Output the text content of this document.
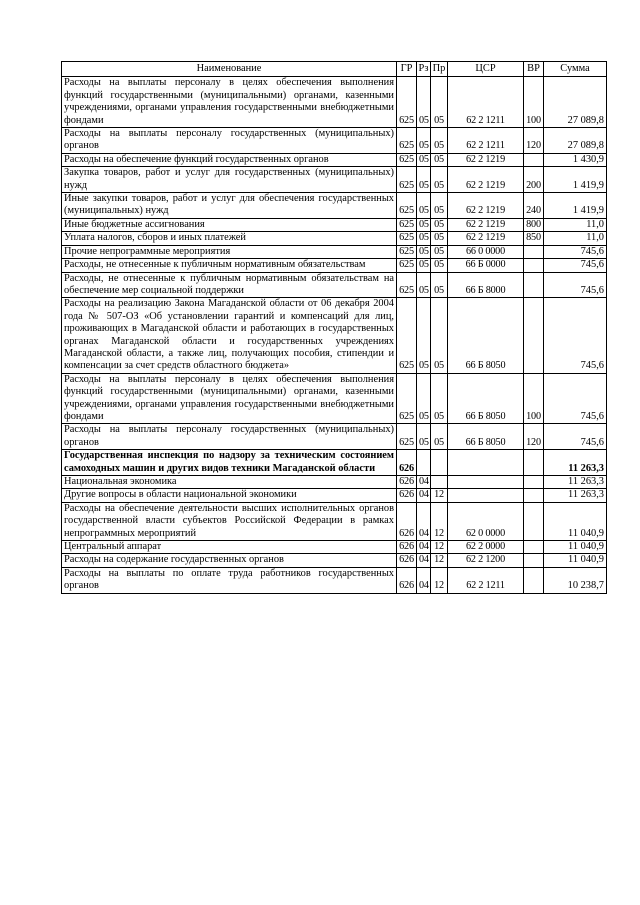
Наименование	ГР	Рз	Пр	ЦСР	ВР	Сумма
Расходы на выплаты персоналу в целях обеспечения выполнения функций государственными (муниципальными) органами, казенными учреждениями, органами управления государственными внебюджетными фондами	625	05	05	62 2 1211	100	27 089,8
Расходы на выплаты персоналу государственных (муниципальных) органов	625	05	05	62 2 1211	120	27 089,8
Расходы на обеспечение функций государственных органов	625	05	05	62 2 1219		1 430,9
Закупка товаров, работ и услуг для государственных (муниципальных) нужд	625	05	05	62 2 1219	200	1 419,9
Иные закупки товаров, работ и услуг для обеспечения государственных (муниципальных) нужд	625	05	05	62 2 1219	240	1 419,9
Иные бюджетные ассигнования	625	05	05	62 2 1219	800	11,0
Уплата налогов, сборов и иных платежей	625	05	05	62 2 1219	850	11,0
Прочие непрограммные мероприятия	625	05	05	66 0 0000		745,6
Расходы, не отнесенные к публичным нормативным обязательствам	625	05	05	66 Б 0000		745,6
Расходы, не отнесенные к публичным нормативным обязательствам на обеспечение мер социальной поддержки	625	05	05	66 Б 8000		745,6
Расходы на реализацию Закона Магаданской области от 06 декабря 2004 года № 507-ОЗ «Об установлении гарантий и компенсаций для лиц, проживающих в Магаданской области и работающих в государственных органах Магаданской области и государственных учреждениях Магаданской области, а также лиц, получающих пособия, стипендии и компенсации за счет средств областного бюджета»	625	05	05	66 Б 8050		745,6
Расходы на выплаты персоналу в целях обеспечения выполнения функций государственными (муниципальными) органами, казенными учреждениями, органами управления государственными внебюджетными фондами	625	05	05	66 Б 8050	100	745,6
Расходы на выплаты персоналу государственных (муниципальных) органов	625	05	05	66 Б 8050	120	745,6
Государственная инспекция по надзору за техническим состоянием самоходных машин и других видов техники Магаданской области	626					11 263,3
Национальная экономика	626	04				11 263,3
Другие вопросы в области национальной экономики	626	04	12			11 263,3
Расходы на обеспечение деятельности высших исполнительных органов государственной власти субъектов Российской Федерации в рамках непрограммных мероприятий	626	04	12	62 0 0000		11 040,9
Центральный аппарат	626	04	12	62 2 0000		11 040,9
Расходы на содержание государственных органов	626	04	12	62 2 1200		11 040,9
Расходы на выплаты по оплате труда работников государственных органов	626	04	12	62 2 1211		10 238,7
